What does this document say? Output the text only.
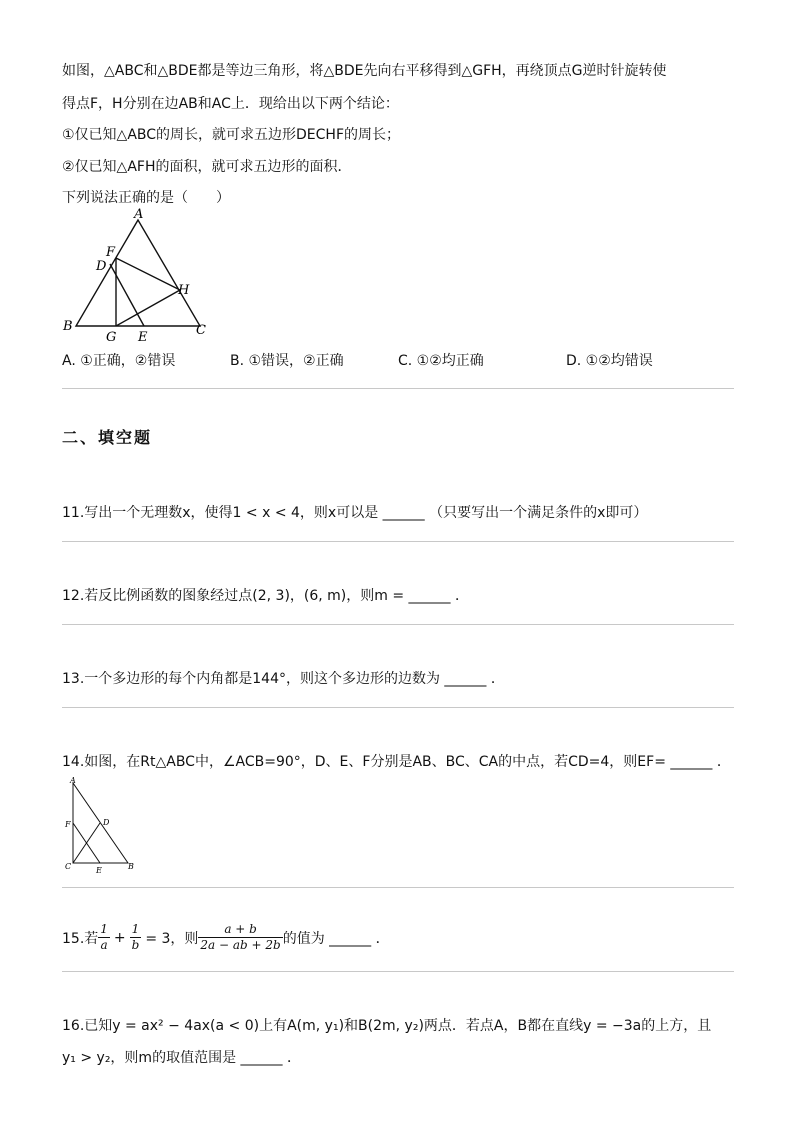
如图，△ABC和△BDE都是等边三角形，将△BDE先向右平移得到△GFH，再绕顶点G逆时针旋转使
得点F，H分别在边AB和AC上．现给出以下两个结论：
①仅已知△ABC的周长，就可求五边形DECHF的周长；
②仅已知△AFH的面积，就可求五边形的面积．
下列说法正确的是（　　）
A
F
D
H
B	C
G E
A. ①正确，②错误	B. ①错误，②正确	C. ①②均正确	D. ①②均错误
二、填空题
11.写出一个无理数x，使得1 < x < 4，则x可以是 ______ （只要写出一个满足条件的x即可）
12.若反比例函数的图象经过点(2, 3)，(6, m)，则m = ______ ．
13.一个多边形的每个内角都是144°，则这个多边形的边数为 ______ ．
14.如图，在Rt△ABC中，∠ACB=90°，D、E、F分别是AB、BC、CA的中点，若CD=4，则EF= ______ ．
A
F	D
C	E	B
15.若 $\frac{1}{a} + \frac{1}{b} = 3$，则 $\frac{a + b}{2a - ab + 2b}$ 的值为 ______ ．
16.已知y = ax² − 4ax(a < 0)上有A(m, y₁)和B(2m, y₂)两点．若点A，B都在直线y = −3a的上方，且
y₁ > y₂，则m的取值范围是 ______ ．
